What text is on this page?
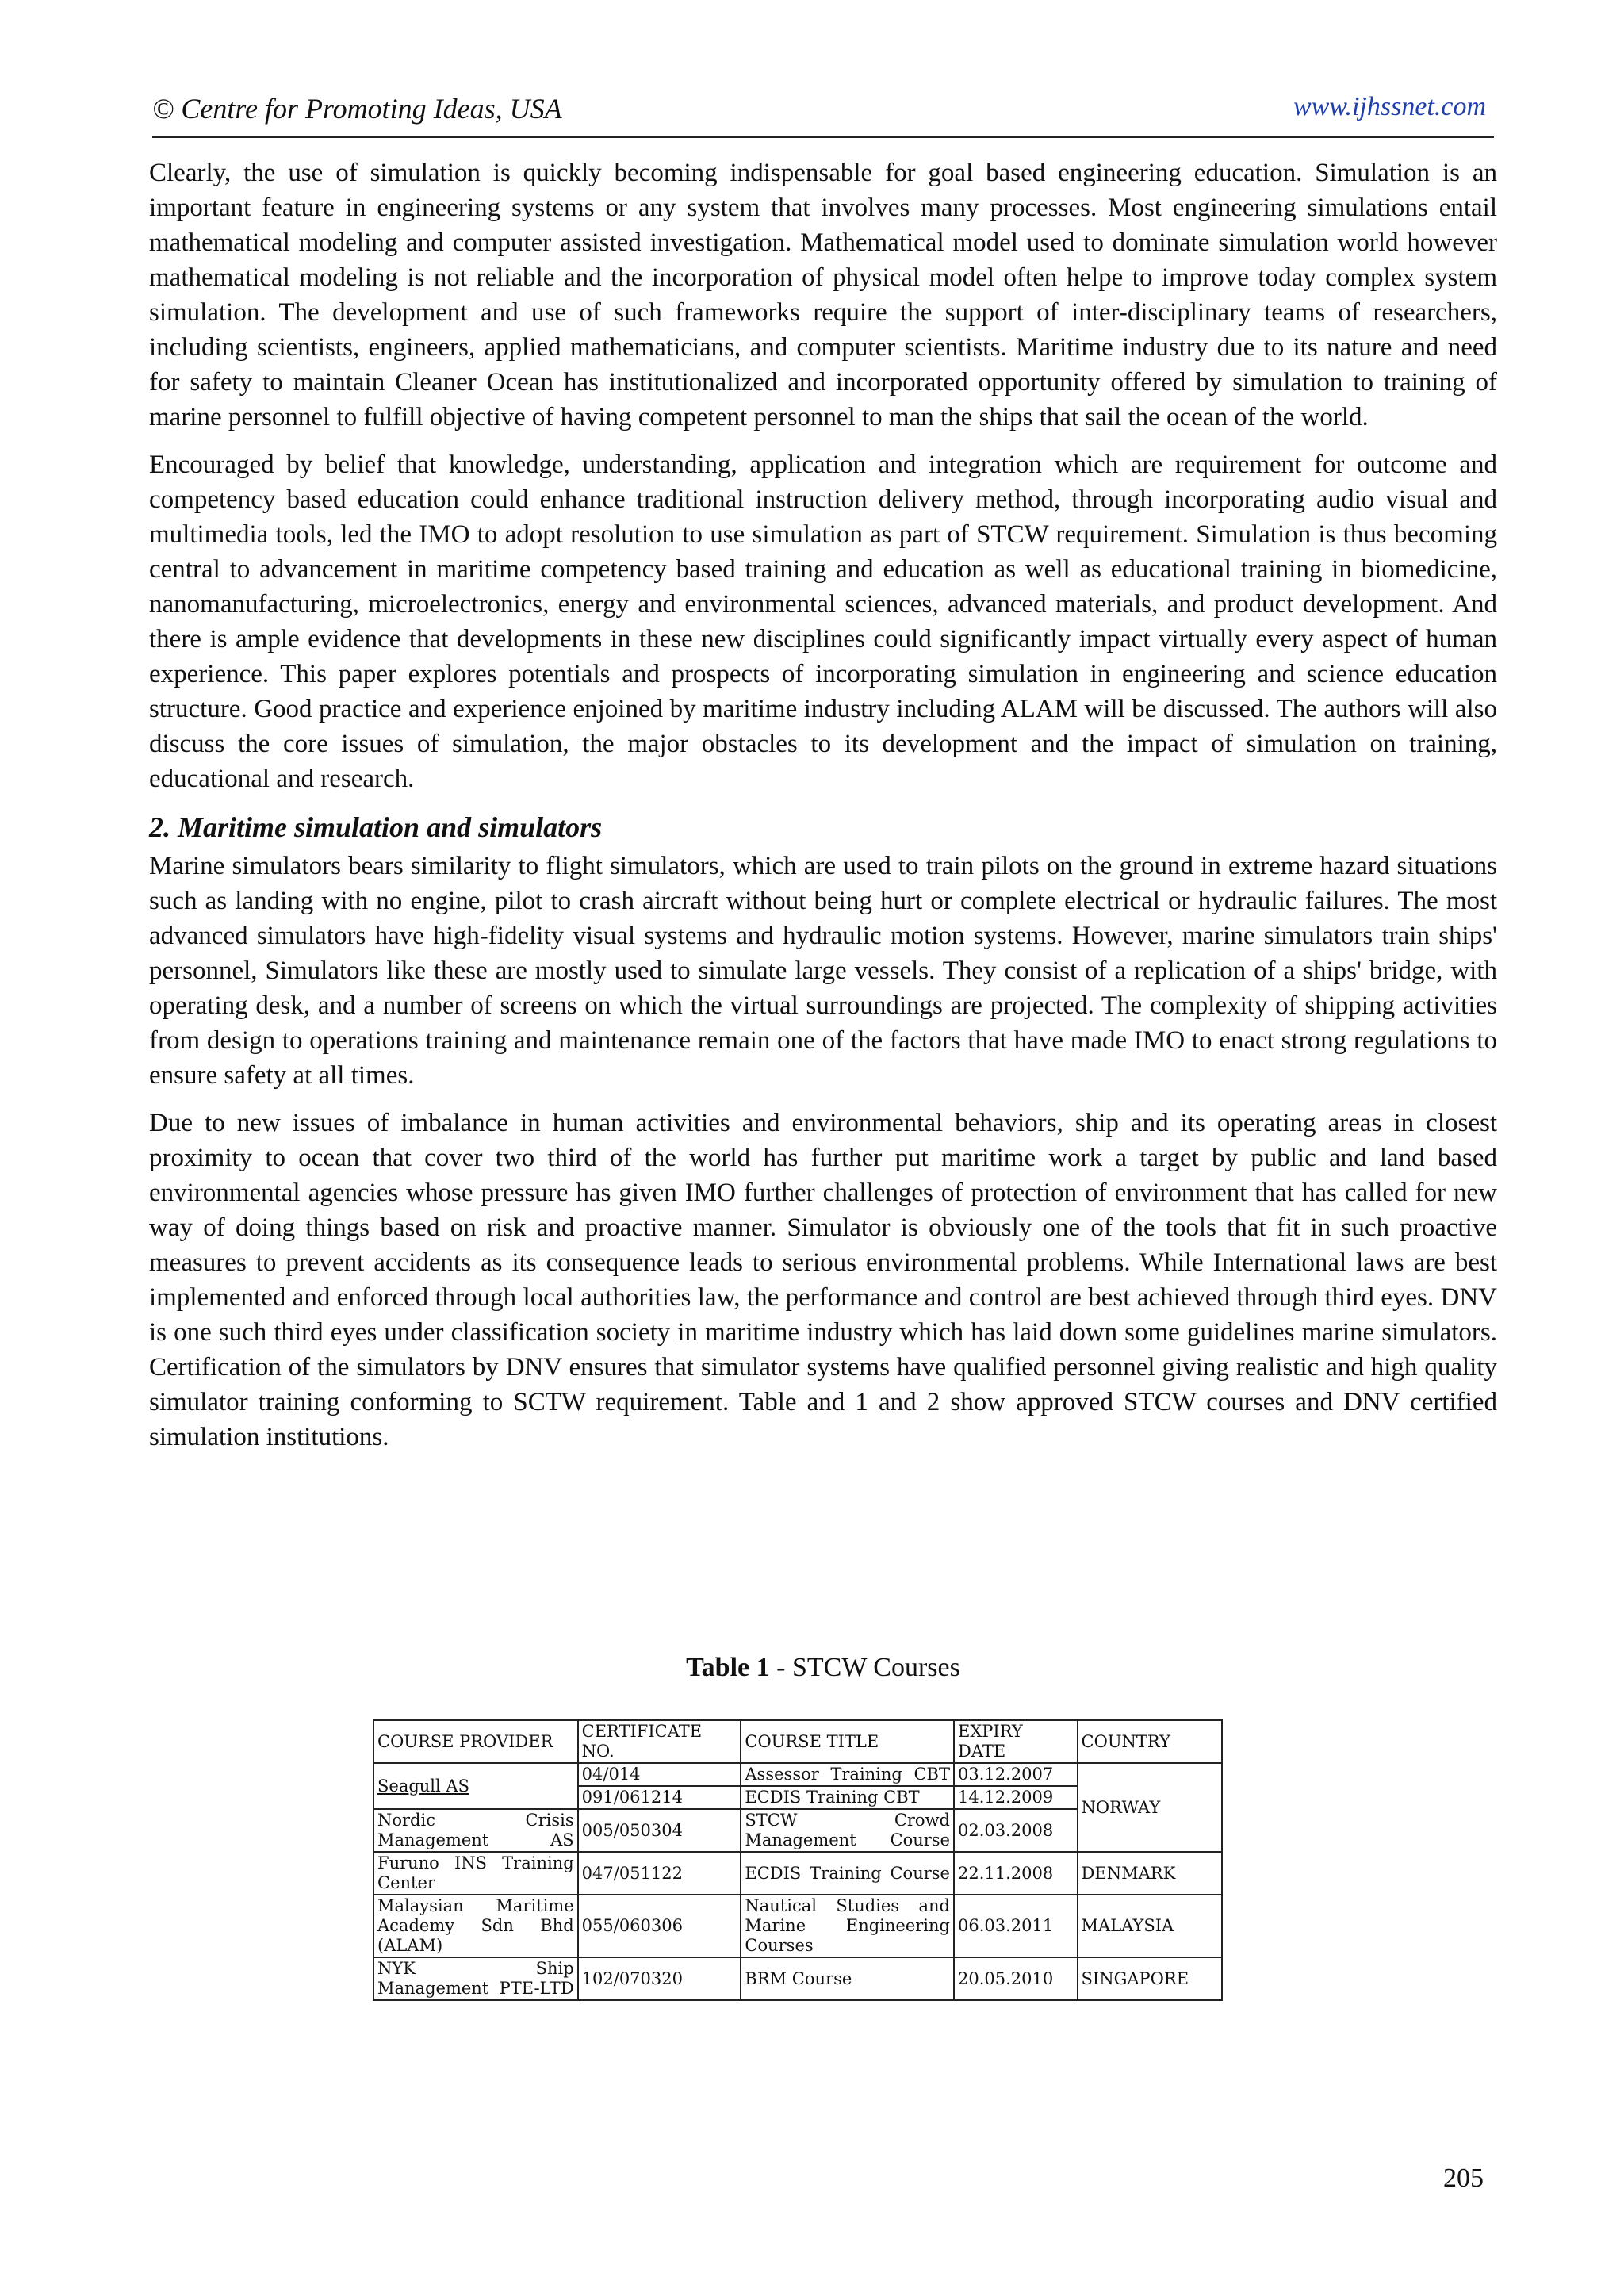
© Centre for Promoting Ideas, USA	www.ijhssnet.com

Clearly, the use of simulation is quickly becoming indispensable for goal based engineering education. Simulation is an important feature in engineering systems or any system that involves many processes. Most engineering simulations entail mathematical modeling and computer assisted investigation. Mathematical model used to dominate simulation world however mathematical modeling is not reliable and the incorporation of physical model often helpe to improve today complex system simulation. The development and use of such frameworks require the support of inter-disciplinary teams of researchers, including scientists, engineers, applied mathematicians, and computer scientists. Maritime industry due to its nature and need for safety to maintain Cleaner Ocean has institutionalized and incorporated opportunity offered by simulation to training of marine personnel to fulfill objective of having competent personnel to man the ships that sail the ocean of the world.

Encouraged by belief that knowledge, understanding, application and integration which are requirement for outcome and competency based education could enhance traditional instruction delivery method, through incorporating audio visual and multimedia tools, led the IMO to adopt resolution to use simulation as part of STCW requirement. Simulation is thus becoming central to advancement in maritime competency based training and education as well as educational training in biomedicine, nanomanufacturing, microelectronics, energy and environmental sciences, advanced materials, and product development. And there is ample evidence that developments in these new disciplines could significantly impact virtually every aspect of human experience. This paper explores potentials and prospects of incorporating simulation in engineering and science education structure. Good practice and experience enjoined by maritime industry including ALAM will be discussed. The authors will also discuss the core issues of simulation, the major obstacles to its development and the impact of simulation on training, educational and research.

2. Maritime simulation and simulators

Marine simulators bears similarity to flight simulators, which are used to train pilots on the ground in extreme hazard situations such as landing with no engine, pilot to crash aircraft without being hurt or complete electrical or hydraulic failures. The most advanced simulators have high-fidelity visual systems and hydraulic motion systems. However, marine simulators train ships' personnel, Simulators like these are mostly used to simulate large vessels. They consist of a replication of a ships' bridge, with operating desk, and a number of screens on which the virtual surroundings are projected. The complexity of shipping activities from design to operations training and maintenance remain one of the factors that have made IMO to enact strong regulations to ensure safety at all times.

Due to new issues of imbalance in human activities and environmental behaviors, ship and its operating areas in closest proximity to ocean that cover two third of the world has further put maritime work a target by public and land based environmental agencies whose pressure has given IMO further challenges of protection of environment that has called for new way of doing things based on risk and proactive manner. Simulator is obviously one of the tools that fit in such proactive measures to prevent accidents as its consequence leads to serious environmental problems. While International laws are best implemented and enforced through local authorities law, the performance and control are best achieved through third eyes. DNV is one such third eyes under classification society in maritime industry which has laid down some guidelines marine simulators. Certification of the simulators by DNV ensures that simulator systems have qualified personnel giving realistic and high quality simulator training conforming to SCTW requirement. Table and 1 and 2 show approved STCW courses and DNV certified simulation institutions.

Table 1 - STCW Courses
COURSE PROVIDER	CERTIFICATE NO.	COURSE TITLE	EXPIRY DATE	COUNTRY
Seagull AS	04/014	Assessor Training CBT	03.12.2007	NORWAY
	091/061214	ECDIS Training CBT	14.12.2009	
Nordic Crisis Management AS	005/050304	STCW Crowd Management Course	02.03.2008	
Furuno INS Training Center	047/051122	ECDIS Training Course	22.11.2008	DENMARK
Malaysian Maritime Academy Sdn Bhd (ALAM)	055/060306	Nautical Studies and Marine Engineering Courses	06.03.2011	MALAYSIA
NYK Ship Management PTE-LTD	102/070320	BRM Course	20.05.2010	SINGAPORE
205
